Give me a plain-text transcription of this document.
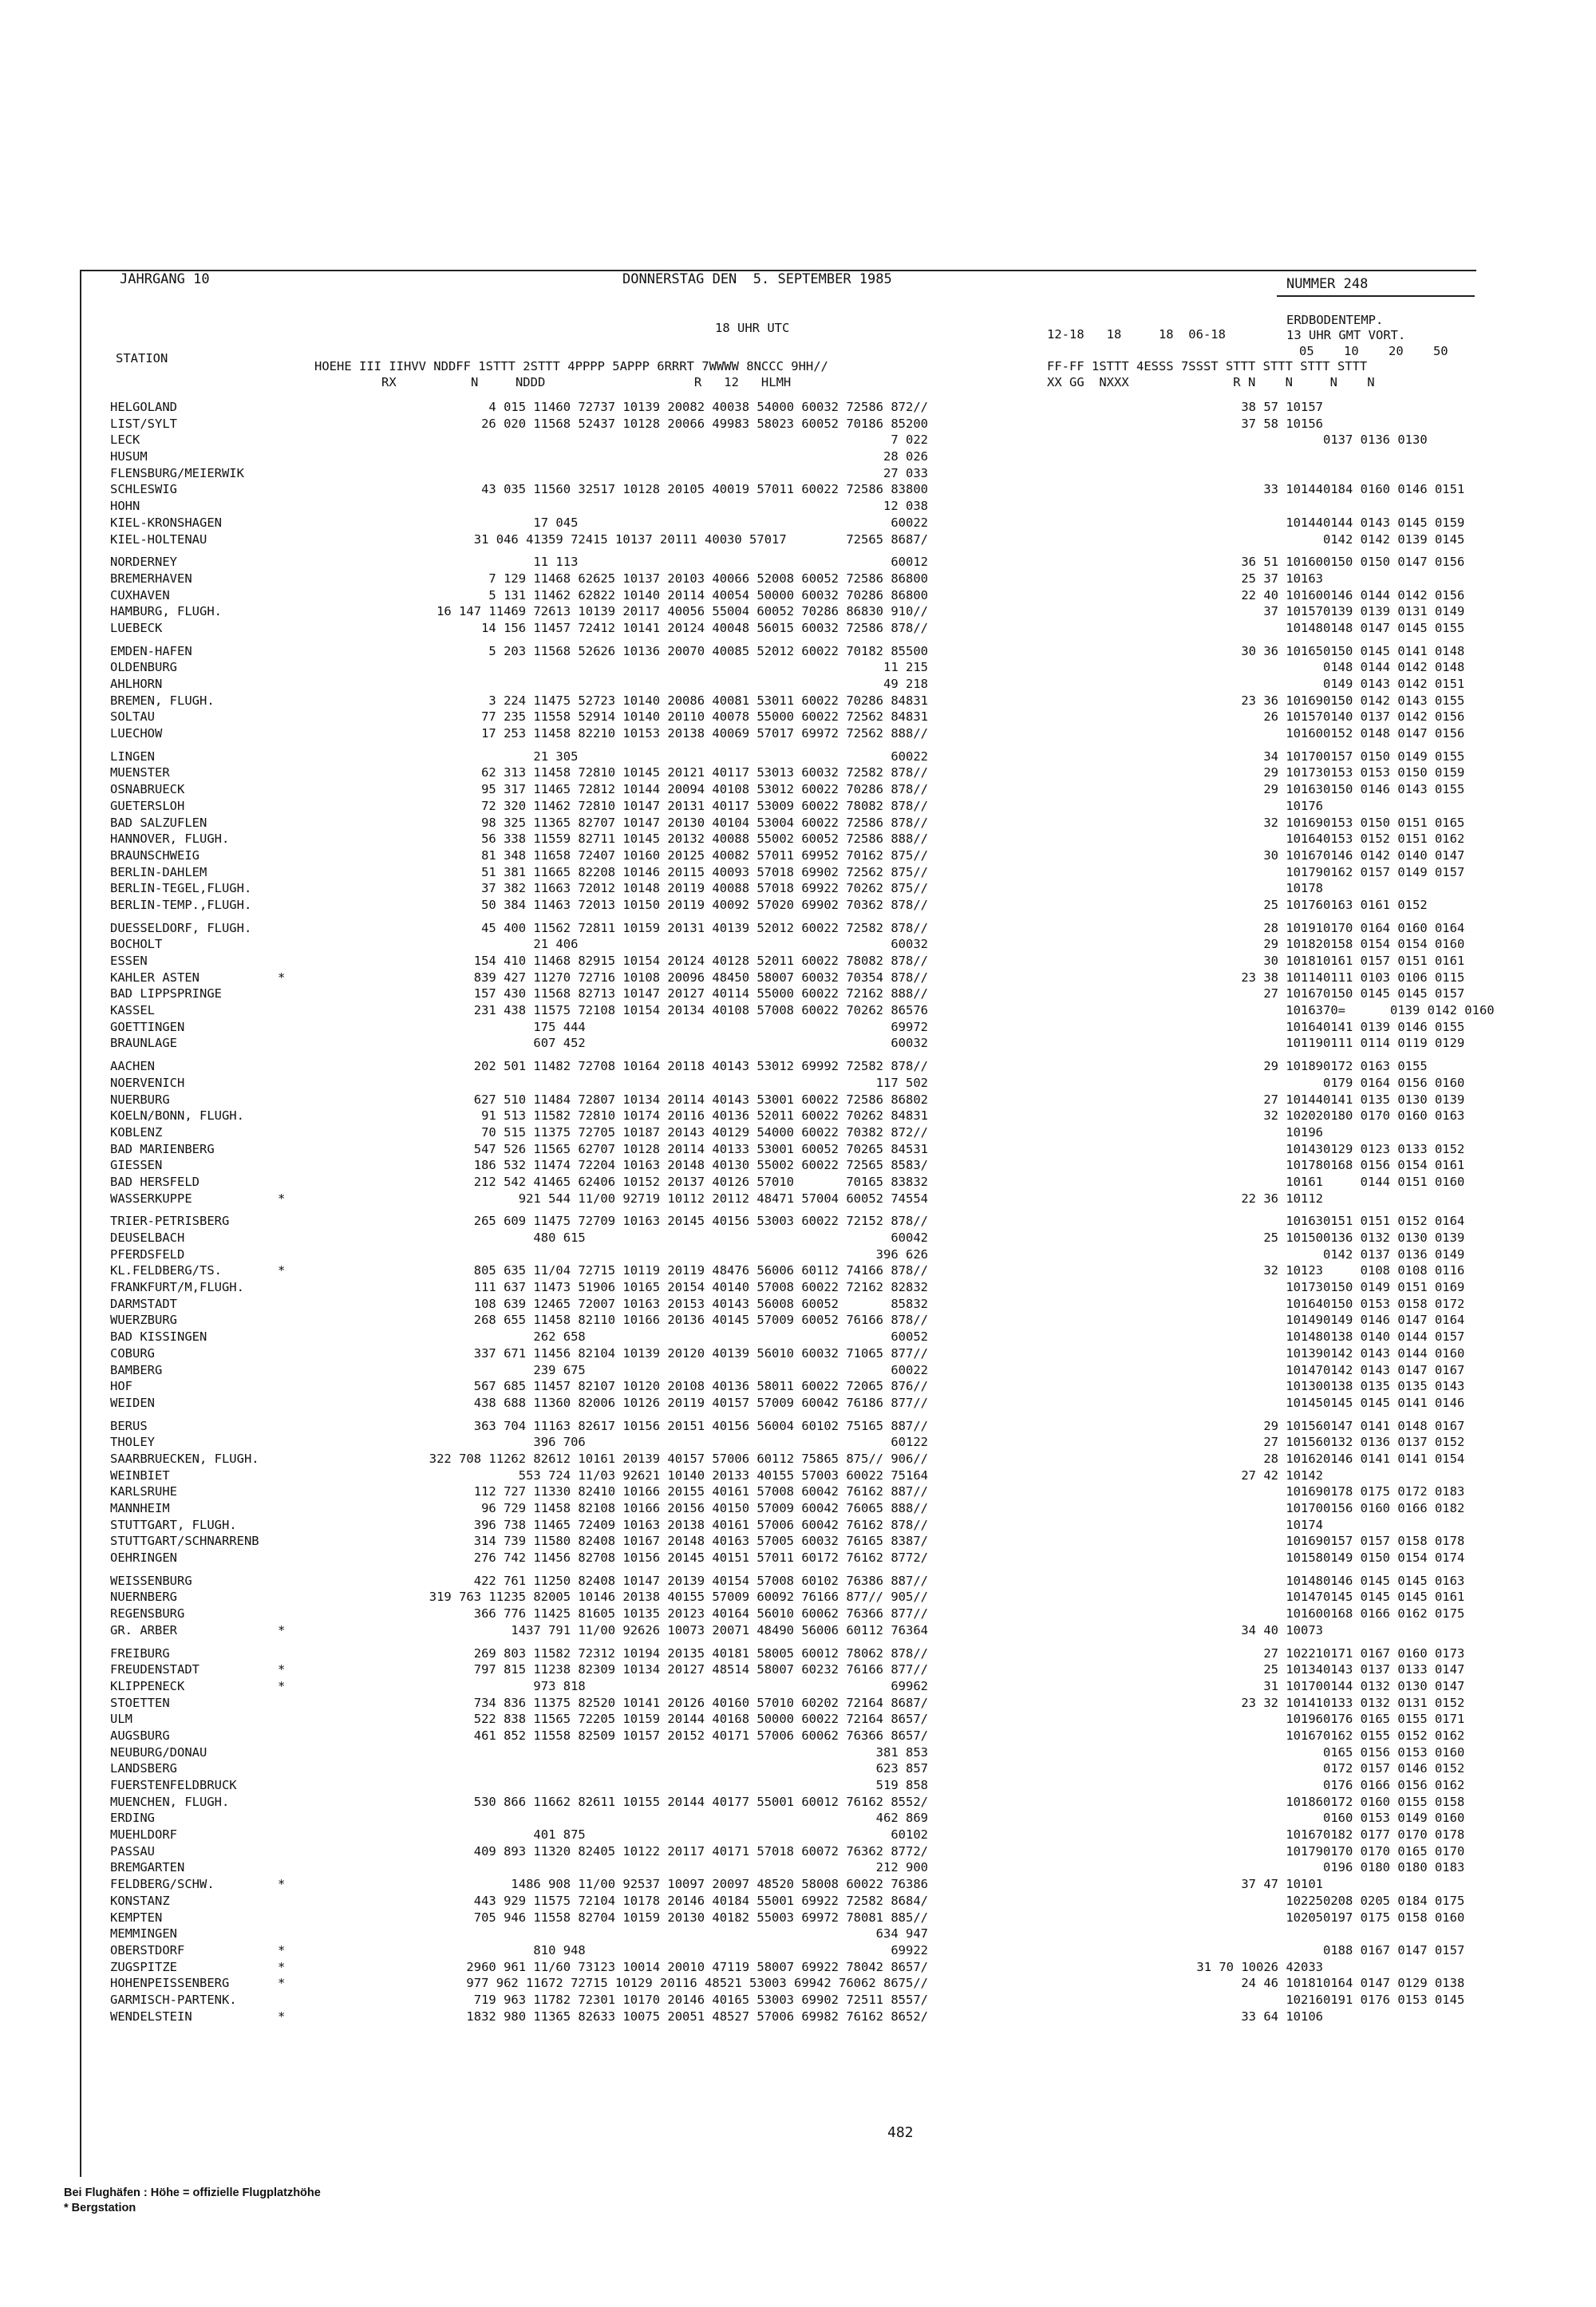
JAHRGANG 10	DONNERSTAG DEN  5. SEPTEMBER 1985	NUMMER 248
18 UHR UTC	12-18   18     18  06-18
ERDBODENTEMP.
13 UHR GMT VORT.
05    10    20    50
STATION
HOEHE III IIHVV NDDFF 1STTT 2STTT 4PPPP 5APPP 6RRRT 7WWWW 8NCCC 9HH//
RX          N     NDDD                    R   12   HLMH
FF-FF 1STTT 4ESSS 7SSST STTT STTT STTT STTT
XX GG  NXXX              R N    N     N    N
HELGOLAND	4 015 11460 72737 10139 20082 40038 54000 60032 72586 872//	38 57 10157
LIST/SYLT	26 020 11568 52437 10128 20066 49983 58023 60052 70186 85200	37 58 10156
LECK	7 022	0137 0136 0130
HUSUM	28 026
FLENSBURG/MEIERWIK	27 033
SCHLESWIG	43 035 11560 32517 10128 20105 40019 57011 60022 72586 83800	33 10144 0184 0160 0146 0151
HOHN	12 038
KIEL-KRONSHAGEN	17 045                                          60022	10144 0144 0143 0145 0159
KIEL-HOLTENAU	31 046 41359 72415 10137 20111 40030 57017        72565 8687/	0142 0142 0139 0145
NORDERNEY	11 113                                          60012	36 51 10160 0150 0150 0147 0156
BREMERHAVEN	7 129 11468 62625 10137 20103 40066 52008 60052 72586 86800	25 37 10163
CUXHAVEN	5 131 11462 62822 10140 20114 40054 50000 60032 70286 86800	22 40 10160 0146 0144 0142 0156
HAMBURG, FLUGH.	16 147 11469 72613 10139 20117 40056 55004 60052 70286 86830 910//	37 10157 0139 0139 0131 0149
LUEBECK	14 156 11457 72412 10141 20124 40048 56015 60032 72586 878//	10148 0148 0147 0145 0155
EMDEN-HAFEN	5 203 11568 52626 10136 20070 40085 52012 60022 70182 85500	30 36 10165 0150 0145 0141 0148
OLDENBURG	11 215	0148 0144 0142 0148
AHLHORN	49 218	0149 0143 0142 0151
BREMEN, FLUGH.	3 224 11475 52723 10140 20086 40081 53011 60022 70286 84831	23 36 10169 0150 0142 0143 0155
SOLTAU	77 235 11558 52914 10140 20110 40078 55000 60022 72562 84831	26 10157 0140 0137 0142 0156
LUECHOW	17 253 11458 82210 10153 20138 40069 57017 69972 72562 888//	10160 0152 0148 0147 0156
LINGEN	21 305                                          60022	34 10170 0157 0150 0149 0155
MUENSTER	62 313 11458 72810 10145 20121 40117 53013 60032 72582 878//	29 10173 0153 0153 0150 0159
OSNABRUECK	95 317 11465 72812 10144 20094 40108 53012 60022 70286 878//	29 10163 0150 0146 0143 0155
GUETERSLOH	72 320 11462 72810 10147 20131 40117 53009 60022 78082 878//	10176
BAD SALZUFLEN	98 325 11365 82707 10147 20130 40104 53004 60022 72586 878//	32 10169 0153 0150 0151 0165
HANNOVER, FLUGH.	56 338 11559 82711 10145 20132 40088 55002 60052 72586 888//	10164 0153 0152 0151 0162
BRAUNSCHWEIG	81 348 11658 72407 10160 20125 40082 57011 69952 70162 875//	30 10167 0146 0142 0140 0147
BERLIN-DAHLEM	51 381 11665 82208 10146 20115 40093 57018 69902 72562 875//	10179 0162 0157 0149 0157
BERLIN-TEGEL,FLUGH.	37 382 11663 72012 10148 20119 40088 57018 69922 70262 875//	10178
BERLIN-TEMP.,FLUGH.	50 384 11463 72013 10150 20119 40092 57020 69902 70362 878//	25 10176 0163 0161 0152
DUESSELDORF, FLUGH.	45 400 11562 72811 10159 20131 40139 52012 60022 72582 878//	28 10191 0170 0164 0160 0164
BOCHOLT	21 406                                          60032	29 10182 0158 0154 0154 0160
ESSEN	154 410 11468 82915 10154 20124 40128 52011 60022 78082 878//	30 10181 0161 0157 0151 0161
KAHLER ASTEN	*	839 427 11270 72716 10108 20096 48450 58007 60032 70354 878//	23 38 10114 0111 0103 0106 0115
BAD LIPPSPRINGE	157 430 11568 82713 10147 20127 40114 55000 60022 72162 888//	27 10167 0150 0145 0145 0157
KASSEL	231 438 11575 72108 10154 20134 40108 57008 60022 70262 86576	10163 70=      0139 0142 0160
GOETTINGEN	175 444                                         69972	10164 0141 0139 0146 0155
BRAUNLAGE	607 452                                         60032	10119 0111 0114 0119 0129
AACHEN	202 501 11482 72708 10164 20118 40143 53012 69992 72582 878//	29 10189 0172 0163 0155
NOERVENICH	117 502	0179 0164 0156 0160
NUERBURG	627 510 11484 72807 10134 20114 40143 53001 60022 72586 86802	27 10144 0141 0135 0130 0139
KOELN/BONN, FLUGH.	91 513 11582 72810 10174 20116 40136 52011 60022 70262 84831	32 10202 0180 0170 0160 0163
KOBLENZ	70 515 11375 72705 10187 20143 40129 54000 60022 70382 872//	10196
BAD MARIENBERG	547 526 11565 62707 10128 20114 40133 53001 60052 70265 84531	10143 0129 0123 0133 0152
GIESSEN	186 532 11474 72204 10163 20148 40130 55002 60022 72565 8583/	10178 0168 0156 0154 0161
BAD HERSFELD	212 542 41465 62406 10152 20137 40126 57010       70165 83832	10161 0144 0151 0160
WASSERKUPPE	*	921 544 11/00 92719 10112 20112 48471 57004 60052 74554	22 36 10112
TRIER-PETRISBERG	265 609 11475 72709 10163 20145 40156 53003 60022 72152 878//	10163 0151 0151 0152 0164
DEUSELBACH	480 615                                         60042	25 10150 0136 0132 0130 0139
PFERDSFELD	396 626	0142 0137 0136 0149
KL.FELDBERG/TS.	*	805 635 11/04 72715 10119 20119 48476 56006 60112 74166 878//	32 10123 0108 0108 0116
FRANKFURT/M,FLUGH.	111 637 11473 51906 10165 20154 40140 57008 60022 72162 82832	10173 0150 0149 0151 0169
DARMSTADT	108 639 12465 72007 10163 20153 40143 56008 60052       85832	10164 0150 0153 0158 0172
WUERZBURG	268 655 11458 82110 10166 20136 40145 57009 60052 76166 878//	10149 0149 0146 0147 0164
BAD KISSINGEN	262 658                                         60052	10148 0138 0140 0144 0157
COBURG	337 671 11456 82104 10139 20120 40139 56010 60032 71065 877//	10139 0142 0143 0144 0160
BAMBERG	239 675                                         60022	10147 0142 0143 0147 0167
HOF	567 685 11457 82107 10120 20108 40136 58011 60022 72065 876//	10130 0138 0135 0135 0143
WEIDEN	438 688 11360 82006 10126 20119 40157 57009 60042 76186 877//	10145 0145 0145 0141 0146
BERUS	363 704 11163 82617 10156 20151 40156 56004 60102 75165 887//	29 10156 0147 0141 0148 0167
THOLEY	396 706                                         60122	27 10156 0132 0136 0137 0152
SAARBRUECKEN, FLUGH.	322 708 11262 82612 10161 20139 40157 57006 60112 75865 875// 906//	28 10162 0146 0141 0141 0154
WEINBIET	553 724 11/03 92621 10140 20133 40155 57003 60022 75164	27 42 10142
KARLSRUHE	112 727 11330 82410 10166 20155 40161 57008 60042 76162 887//	10169 0178 0175 0172 0183
MANNHEIM	96 729 11458 82108 10166 20156 40150 57009 60042 76065 888//	10170 0156 0160 0166 0182
STUTTGART, FLUGH.	396 738 11465 72409 10163 20138 40161 57006 60042 76162 878//	10174
STUTTGART/SCHNARRENB	314 739 11580 82408 10167 20148 40163 57005 60032 76165 8387/	10169 0157 0157 0158 0178
OEHRINGEN	276 742 11456 82708 10156 20145 40151 57011 60172 76162 8772/	10158 0149 0150 0154 0174
WEISSENBURG	422 761 11250 82408 10147 20139 40154 57008 60102 76386 887//	10148 0146 0145 0145 0163
NUERNBERG	319 763 11235 82005 10146 20138 40155 57009 60092 76166 877// 905//	10147 0145 0145 0145 0161
REGENSBURG	366 776 11425 81605 10135 20123 40164 56010 60062 76366 877//	10160 0168 0166 0162 0175
GR. ARBER	*	1437 791 11/00 92626 10073 20071 48490 56006 60112 76364	34 40 10073
FREIBURG	269 803 11582 72312 10194 20135 40181 58005 60012 78062 878//	27 10221 0171 0167 0160 0173
FREUDENSTADT	*	797 815 11238 82309 10134 20127 48514 58007 60232 76166 877//	25 10134 0143 0137 0133 0147
KLIPPENECK	*	973 818                                         69962	31 10170 0144 0132 0130 0147
STOETTEN	734 836 11375 82520 10141 20126 40160 57010 60202 72164 8687/	23 32 10141 0133 0132 0131 0152
ULM	522 838 11565 72205 10159 20144 40168 50000 60022 72164 8657/	10196 0176 0165 0155 0171
AUGSBURG	461 852 11558 82509 10157 20152 40171 57006 60062 76366 8657/	10167 0162 0155 0152 0162
NEUBURG/DONAU	381 853	0165 0156 0153 0160
LANDSBERG	623 857	0172 0157 0146 0152
FUERSTENFELDBRUCK	519 858	0176 0166 0156 0162
MUENCHEN, FLUGH.	530 866 11662 82611 10155 20144 40177 55001 60012 76162 8552/	10186 0172 0160 0155 0158
ERDING	462 869	0160 0153 0149 0160
MUEHLDORF	401 875                                         60102	10167 0182 0177 0170 0178
PASSAU	409 893 11320 82405 10122 20117 40171 57018 60072 76362 8772/	10179 0170 0170 0165 0170
BREMGARTEN	212 900	0196 0180 0180 0183
FELDBERG/SCHW.	*	1486 908 11/00 92537 10097 20097 48520 58008 60022 76386	37 47 10101
KONSTANZ	443 929 11575 72104 10178 20146 40184 55001 69922 72582 8684/	10225 0208 0205 0184 0175
KEMPTEN	705 946 11558 82704 10159 20130 40182 55003 69972 78081 885//	10205 0197 0175 0158 0160
MEMMINGEN	634 947
OBERSTDORF	*	810 948                                         69922	0188 0167 0147 0157
ZUGSPITZE	*	2960 961 11/60 73123 10014 20010 47119 58007 69922 78042 8657/	31 70 10026 42033
HOHENPEISSENBERG	*	977 962 11672 72715 10129 20116 48521 53003 69942 76062 8675//	24 46 10181 0164 0147 0129 0138
GARMISCH-PARTENK.	719 963 11782 72301 10170 20146 40165 53003 69902 72511 8557/	10216 0191 0176 0153 0145
WENDELSTEIN	*	1832 980 11365 82633 10075 20051 48527 57006 69982 76162 8652/	33 64 10106
Bei Flughäfen : Höhe = offizielle Flugplatzhöhe
* Bergstation
482
